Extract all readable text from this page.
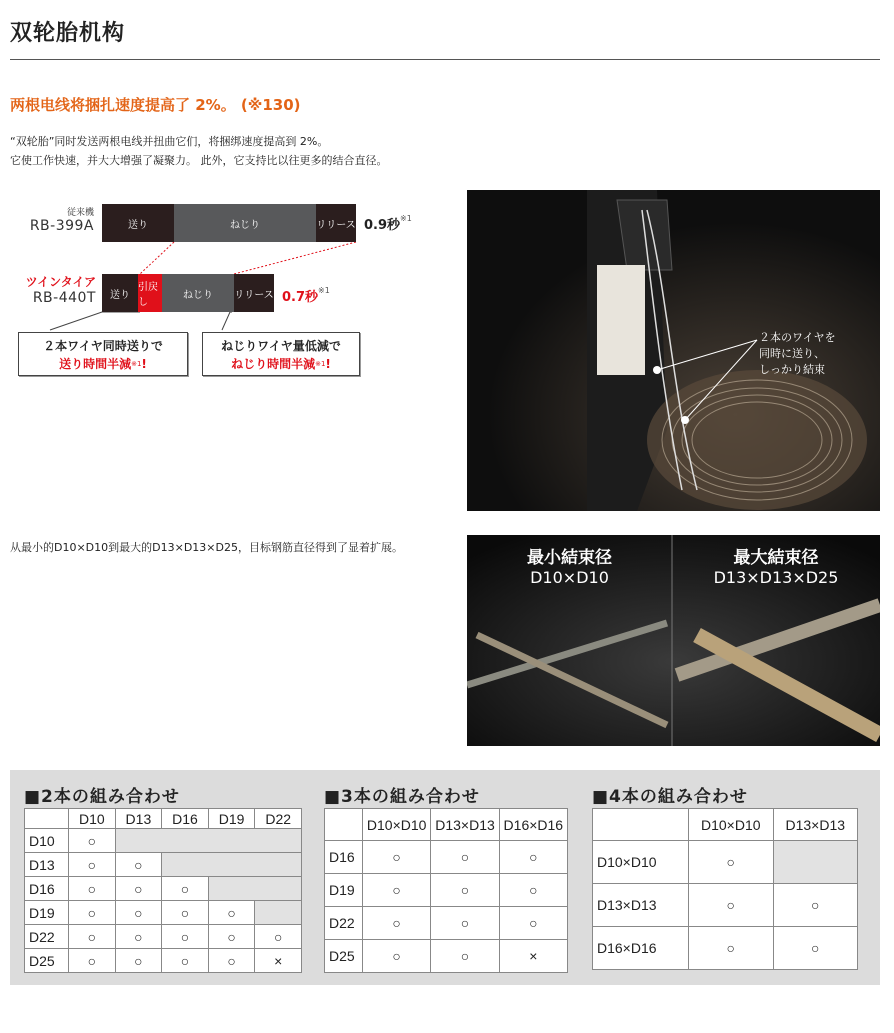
双轮胎机构
两根电线将捆扎速度提高了 2%。 (※130)
“双轮胎”同时发送两根电线并扭曲它们，将捆绑速度提高到 2%。
它使工作快速，并大大增强了凝聚力。 此外，它支持比以往更多的结合直径。
従来機
RB-399A	送り	ねじり	リリース 0.9秒$^{※1}$
ツインタイア
RB-440T	送り
引戻し
ねじり	リリース 0.7秒$^{※1}$
２本ワイヤ同時送りで
送り時間半減$^{※1}$!
ねじりワイヤ量低減で
ねじり時間半減$^{※1}$!
２本のワイヤを
同時に送り、
しっかり結束
从最小的D10×D10到最大的D13×D13×D25，目标钢筋直径得到了显着扩展。
最小結束径
D10×D10
最大結束径
D13×D13×D25
■2本の組み合わせ	■3本の組み合わせ	■4本の組み合わせ
	D10	D13	D16	D19	D22
D10	○				
D13	○	○			
D16	○	○	○		
D19	○	○	○	○	
D22	○	○	○	○	○
D25	○	○	○	○	×
	D10×D10	D13×D13	D16×D16
D16	○	○	○
D19	○	○	○
D22	○	○	○
D25	○	○	×
	D10×D10	D13×D13
D10×D10	○	
D13×D13	○	○
D16×D16	○	○
